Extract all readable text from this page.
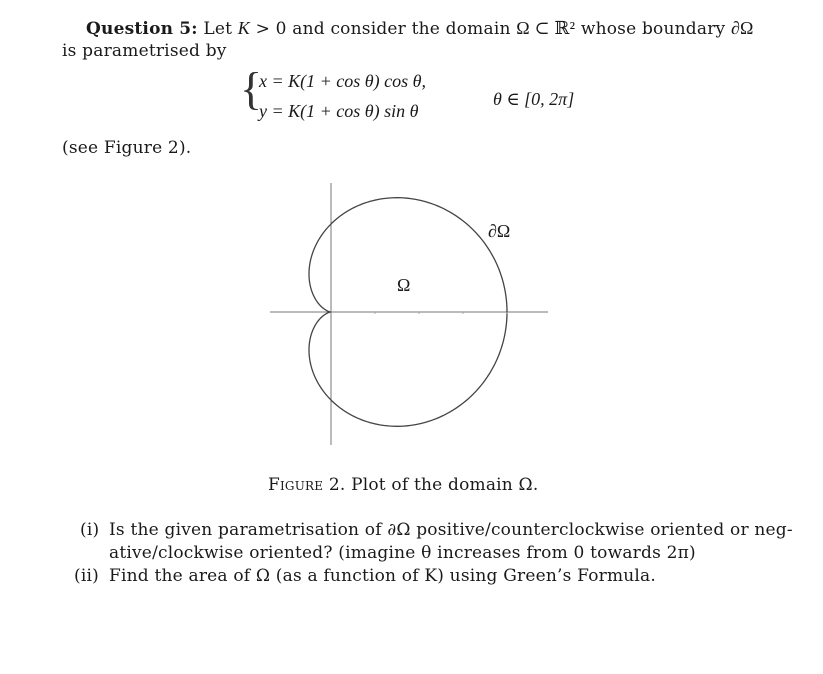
Question 5: Let K > 0 and consider the domain Ω ⊂ ℝ² whose boundary ∂Ω
is parametrised by
{
x = K(1 + cos θ) cos θ,
y = K(1 + cos θ) sin θ
θ ∈ [0, 2π]
(see Figure 2).
Ω
∂Ω
Figure 2. Plot of the domain Ω.
(i) Is the given parametrisation of ∂Ω positive/counterclockwise oriented or neg-
ative/clockwise oriented? (imagine θ increases from 0 towards 2π)
(ii) Find the area of Ω (as a function of K) using Green’s Formula.
